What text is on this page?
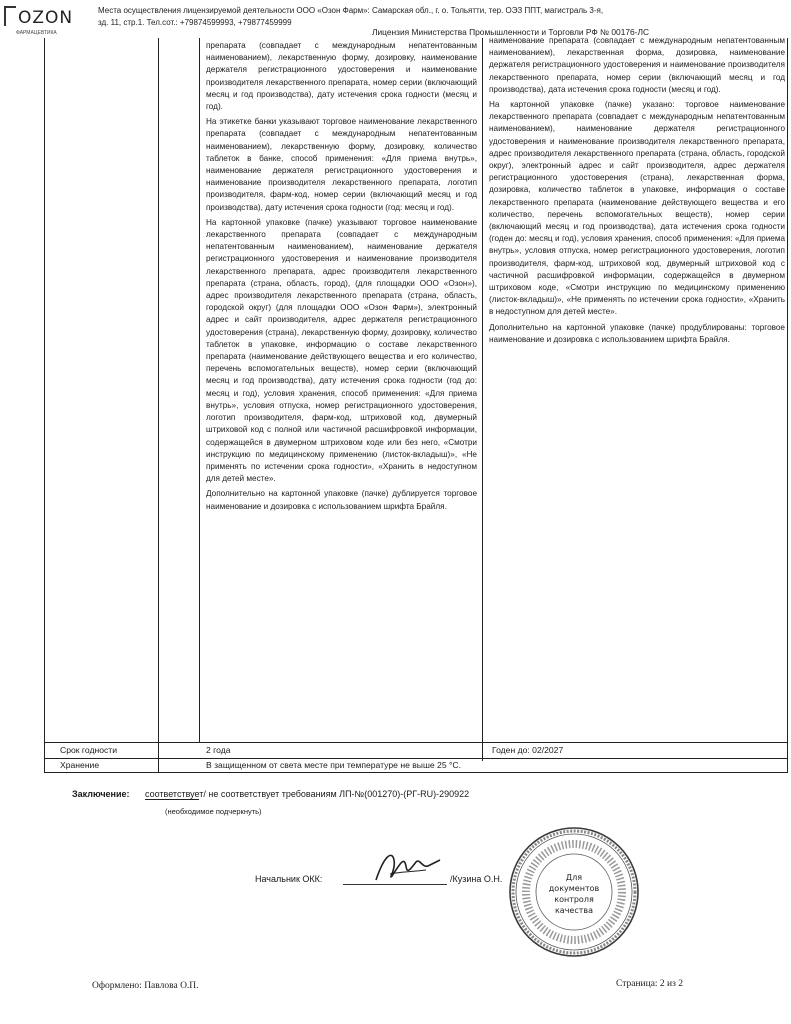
OZON
ФАРМАЦЕВТИКА
Места осуществления лицензируемой деятельности ООО «Озон Фарм»: Самарская обл., г. о. Тольятти, тер. ОЭЗ ППТ, магистраль 3-я,
зд. 11, стр.1. Тел.сот.: +79874599993, +79877459999
Лицензия Министерства Промышленности и Торговли РФ № 00176-ЛС

препарата (совпадает с международным непатентованным наименованием), лекарственную форму, дозировку, наименование держателя регистрационного удостоверения и наименование производителя лекарственного препарата, номер серии (включающий месяц и год производства), дату истечения срока годности (месяц и год).

На этикетке банки указывают торговое наименование лекарственного препарата (совпадает с международным непатентованным наименованием), лекарственную форму, дозировку, количество таблеток в банке, способ применения: «Для приема внутрь», наименование держателя регистрационного удостоверения и наименование производителя лекарственного препарата, логотип производителя, фарм-код, номер серии (включающий месяц и год производства), дату истечения срока годности (год: месяц и год).

На картонной упаковке (пачке) указывают торговое наименование лекарственного препарата (совпадает с международным непатентованным наименованием), наименование держателя регистрационного удостоверения и наименование производителя лекарственного препарата, адрес производителя лекарственного препарата (страна, область, город), (для площадки ООО «Озон»), адрес производителя лекарственного препарата (страна, область, городской округ) (для площадки ООО «Озон Фарм»), электронный адрес и сайт производителя, адрес держателя регистрационного удостоверения (страна), лекарственную форму, дозировку, количество таблеток в упаковке, информацию о составе лекарственного препарата (наименование действующего вещества и его количество, перечень вспомогательных веществ), номер серии (включающий месяц и год производства), дату истечения срока годности (год до: месяц и год), условия хранения, способ применения: «Для приема внутрь», условия отпуска, номер регистрационного удостоверения, логотип производителя, фарм-код, штриховой код, двумерный штриховой код с полной или частичной расшифровкой информации, содержащейся в двумерном штриховом коде или без него, «Смотри инструкцию по медицинскому применению (листок-вкладыш)», «Не применять по истечении срока годности», «Хранить в недоступном для детей месте».

Дополнительно на картонной упаковке (пачке) дублируется торговое наименование и дозировка с использованием шрифта Брайля.

наименование препарата (совпадает с международным непатентованным наименованием), лекарственная форма, дозировка, наименование держателя регистрационного удостоверения и наименование производителя лекарственного препарата, номер серии (включающий месяц и год производства), дата истечения срока годности (месяц и год).

На картонной упаковке (пачке) указано: торговое наименование лекарственного препарата (совпадает с международным непатентованным наименованием), наименование держателя регистрационного удостоверения и наименование производителя лекарственного препарата, адрес производителя лекарственного препарата (страна, область, городской округ), электронный адрес и сайт производителя, адрес держателя регистрационного удостоверения (страна), лекарственная форма, дозировка, количество таблеток в упаковке, информация о составе лекарственного препарата (наименование действующего вещества и его количество, перечень вспомогательных веществ), номер серии (включающий месяц и год производства), дата истечения срока годности (годен до: месяц и год), условия хранения, способ применения: «Для приема внутрь», условия отпуска, номер регистрационного удостоверения, логотип производителя, фарм-код, штриховой код, двумерный штриховой код с частичной расшифровкой информации, содержащейся в двумерном штриховом коде, «Смотри инструкцию по медицинскому применению (листок-вкладыш)», «Не применять по истечении срока годности», «Хранить в недоступном для детей месте».

Дополнительно на картонной упаковке (пачке) продублированы: торговое наименование и дозировка с использованием шрифта Брайля.

Срок годности	2 года	Годен до: 02/2027
Хранение	В защищенном от света месте при температуре не выше 25 °С.
Заключение: соответствует/ не соответствует требованиям ЛП-№(001270)-(РГ-RU)-290922
(необходимое подчеркнуть)
Начальник ОКК:	/Кузина О.Н.	Для
документов
контроля
качества
Оформлено: Павлова О.П.	Страница: 2 из 2
